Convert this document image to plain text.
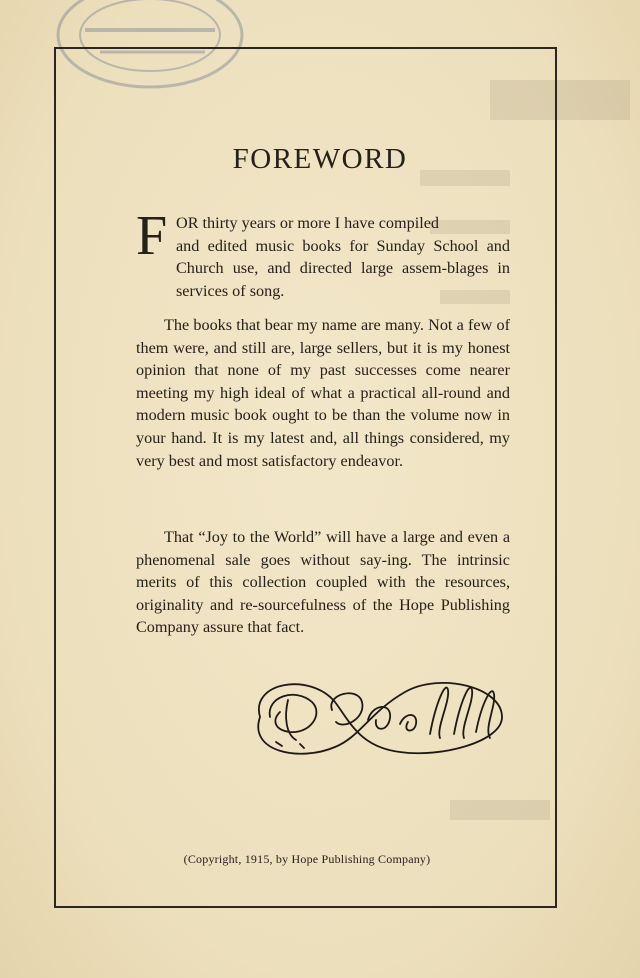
FOREWORD
F OR thirty years or more I have compiled
and edited music books for Sunday School and Church use, and directed large assem-blages in services of song.

The books that bear my name are many. Not a few of them were, and still are, large sellers, but it is my honest opinion that none of my past successes come nearer meeting my high ideal of what a practical all-round and modern music book ought to be than the volume now in your hand. It is my latest and, all things considered, my very best and most satisfactory endeavor.

That “Joy to the World” will have a large and even a phenomenal sale goes without say-ing. The intrinsic merits of this collection coupled with the resources, originality and re-sourcefulness of the Hope Publishing Company assure that fact.

(Copyright, 1915, by Hope Publishing Company)
